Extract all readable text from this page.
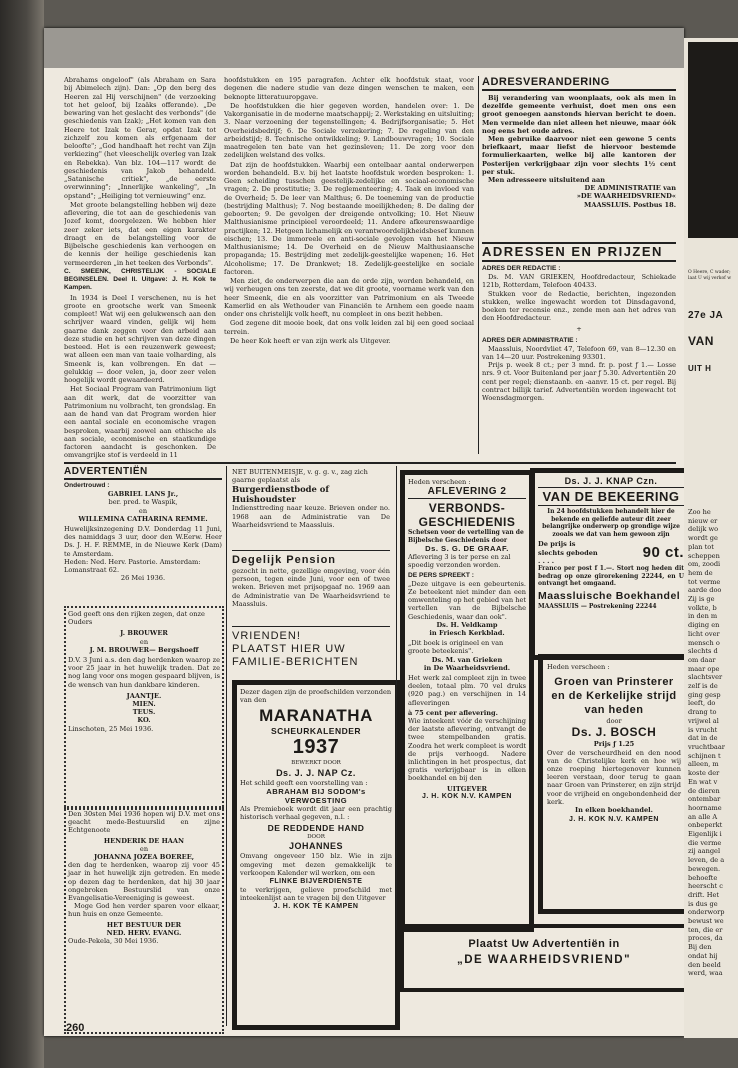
Abrahams ongeloof" (als Abraham en Sara bij Abimelech zijn). Dan: „Op den berg des Heeren zal Hij verschijnen" (de verzoeking tot het geloof, bij Izaäks offerande). „De bewaring van het geslacht des verbonds" (de geschiedenis van Izak); „Het komen van den Heere tot Izak te Gerar, opdat Izak tot zichzelf zou komen als erfgenaam der beloofte"; „God handhaaft het recht van Zijn verkiezing" (het vleeschelijk overleg van Izak en Rebekka). Van blz. 104—117 wordt de geschiedenis van Jakob behandeld. „Satanische critiek", „de eerste overwinning"; „Innerlijke wankeling", „In opstand"; „Heiliging tot vernieuwing" enz.

Met groote belangstelling hebben wij deze aflevering, die tot aan de geschiedenis van Jozef komt, doorgelezen. We hebben hier zeer zeker iets, dat een eigen karakter draagt en de belangstelling voor de Bijbelsche geschiedenis kan verhoogen en de kennis der heilige geschiedenis kan vermeerderen „in het teeken des Verbonds".

C. SMEENK, CHRISTELIJK - SOCIALE BEGINSELEN. Deel II. Uitgave: J. H. Kok te Kampen.

In 1934 is Deel I verschenen, nu is het groote en grootsche werk van Smeenk compleet! Wat wij een gelukwensch aan den schrijver waard vinden, gelijk wij hem gaarne dank zeggen voor den arbeid aan deze studie en het schrijven van deze dingen besteed. Het is een reuzenwerk geweest; wat alleen een man van taaie volharding, als Smeenk is, kan volbrengen. En dat — gelukkig — door velen, ja, door zeer velen hoogelijk wordt gewaardeerd.

Het Sociaal Program van Patrimonium ligt aan dit werk, dat de voorzitter van Patrimonium nu volbracht, ten grondslag. En aan de hand van dat Program worden hier een aantal sociale en economische vragen besproken, waarbij zoowel aan ethische als aan sociale, economische en staatkundige factoren aandacht is geschonken. De omvangrijke stof is verdeeld in 11

hoofdstukken en 195 paragrafen. Achter elk hoofdstuk staat, voor degenen die nadere studie van deze dingen wenschen te maken, een beknopte litteratuuropgave.

De hoofdstukken die hier gegeven worden, handelen over: 1. De Vakorganisatie in de moderne maatschappij; 2. Werkstaking en uitsluiting; 3. Naar verzoening der tegenstellingen; 4. Bedrijfsorganisatie; 5. Het Overheidsbedrijf; 6. De Sociale verzekering; 7. De regeling van den arbeidstijd; 8. Technische ontwikkeling; 9. Landbouwvragen; 10. Sociale maatregelen ten bate van het gezinsleven; 11. De zorg voor den zedelijken welstand des volks.

Dat zijn de hoofdstukken. Waarbij een ontelbaar aantal onderwerpen worden behandeld. B.v. bij het laatste hoofdstuk worden besproken: 1. Geen scheiding tusschen geestelijk-zedelijke en sociaal-economische vragen; 2. De prostitutie; 3. De reglementeering; 4. Taak en invloed van de Overheid; 5. De leer van Malthus; 6. De toeneming van de productie (bestrijding Malthus); 7. Nog bestaande moeilijkheden; 8. De daling der geboorten; 9. De gevolgen der dreigende ontvolking; 10. Het Nieuw Malthusianisme principieel veroordeeld; 11. Andere afkeurenswaardige practijken; 12. Hetgeen lichamelijk en verantwoordelijkheidsbesef kunnen eischen; 13. De immoreele en anti-sociale gevolgen van het Nieuw Malthusianisme; 14. De Overheid en de Nieuw Malthusiaansche propaganda; 15. Bestrijding met zedelijk-geestelijke wapenen; 16. Het Alcoholisme; 17. De Drankwet; 18. Zedelijk-geestelijke en sociale factoren.

Men ziet, de onderwerpen die aan de orde zijn, worden behandeld, en wij verheugen ons ten zeerste, dat we dit groote, voorname werk van den heer Smeenk, die en als voorzitter van Patrimonium en als Tweede Kamerlid en als Wethouder van Financiën te Arnhem een goede naam onder ons christelijk volk heeft, nu compleet in ons bezit hebben.

God zegene dit mooie boek, dat ons volk leiden zal bij een goed sociaal terrein.

De heer Kok heeft er van zijn werk als Uitgever.

ADRESVERANDERING
Bij verandering van woonplaats, ook als men in dezelfde gemeente verhuist, doet men ons een groot genoegen aanstonds hiervan bericht te doen. Men vermelde dan niet alleen het nieuwe, maar óók nog eens het oude adres.
Men gebruike daarvoor niet een gewone 5 cents briefkaart, maar liefst de hiervoor bestemde formulierkaarten, welke bij alle kantoren der Posterijen verkrijgbaar zijn voor slechts 1½ cent per stuk.
Men adresseere uitsluitend aan
DE ADMINISTRATIE van
»DE WAARHEIDSVRIEND«
MAASSLUIS. Postbus 18.
ADRESSEN EN PRIJZEN
ADRES DER REDACTIE :
Ds. M. VAN GRIEKEN, Hoofdredacteur, Schiekade 121b, Rotterdam, Telefoon 40433.
Stukken voor de Redactie, berichten, ingezonden stukken, welke ingewacht worden tot Dinsdagavond, boeken ter recensie enz., zende men aan het adres van den Hoofdredacteur.
+
ADRES DER ADMINISTRATIE :
Maassluis, Noordvliet 47, Telefoon 69, van 8—12.30 en van 14—20 uur. Postrekening 93301.
Prijs p. week 8 ct.; per 3 mnd. fr. p. post ƒ 1.— Losse nrs. 9 ct. Voor Buitenland per jaar ƒ 5.30. Advertentiën 20 cent per regel; dienstaanb. en -aanvr. 15 ct. per regel. Bij contract billijk tarief. Advertentiën worden ingewacht tot Woensdagmorgen.
ADVERTENTIËN
Ondertrouwd :
GABRIEL LANS Jr.,
ber. pred. te Waspik,
en
WILLEMINA CATHARINA REMME.
Huwelijksinzegening D.V. Donderdag 11 Juni, des namiddags 3 uur, door den W.Eerw. Heer Ds. J. H. F. REMME, in de Nieuwe Kerk (Dam) te Amsterdam.
Heden: Ned. Herv. Pastorie. Amsterdam: Lomanstraat 62.
26 Mei 1936.
God geeft ons den rijken zegen, dat onze Ouders
J. BROUWER
en
J. M. BROUWER— Bergshoeff
D.V. 3 Juni a.s. den dag herdenken waarop ze voor 25 jaar in het huwelijk traden. Dat ze nog lang voor ons mogen gespaard blijven, is de wensch van hun dankbare kinderen.
JAANTJE.
MIEN.
TEUS.
KO.
Linschoten, 25 Mei 1936.
Den 30sten Mei 1936 hopen wij D.V. met ons geacht mede-Bestuurslid en zijne Echtgenoote
HENDERIK DE HAAN
en
JOHANNA JOZEA BOEREE,
den dag te herdenken, waarop zij voor 45 jaar in het huwelijk zijn getreden. En mede op dezen dag te herdenken, dat hij 30 jaar ongebroken Bestuurslid van onze Evangelisatie-Vereeniging is geweest.
Moge God hen verder sparen voor elkaar, hun huis en onze Gemeente.
HET BESTUUR DER
NED. HERV. EVANG.
Oude-Pekela, 30 Mei 1936.
260
NET BUITENMEISJE, v. g. g. v., zag zich gaarne geplaatst als
Burgerdienstbode of Huishoudster
Indiensttreding naar keuze. Brieven onder no. 1968 aan de Administratie van De Waarheidsvriend te Maassluis.
Degelijk Pension
gezocht in nette, gezellige omgeving, voor één persoon, tegen einde Juni, voor een of twee weken. Brieven met prijsopgaaf no. 1969 aan de Administratie van De Waarheidsvriend te Maassluis.
VRIENDEN!
PLAATST HIER UW
FAMILIE-BERICHTEN
Dezer dagen zijn de proefschilden verzonden van den
MARANATHA
SCHEURKALENDER
1937
BEWERKT DOOR
Ds. J. J. NAP Cz.
Het schild geeft een voorstelling van :
ABRAHAM BIJ SODOM's VERWOESTING
Als Premieboek wordt dit jaar een prachtig historisch verhaal gegeven, n.l. :
DE REDDENDE HAND
DOOR
JOHANNES
Omvang ongeveer 150 blz. Wie in zijn omgeving met dezen gemakkelijk te verkoopen Kalender wil werken, om een
FLINKE BIJVERDIENSTE
te verkrijgen, gelieve proefschild met inteekenlijst aan te vragen bij den Uitgever
J. H. KOK TE KAMPEN
Heden verscheen :
AFLEVERING 2
VERBONDS-
GESCHIEDENIS
Schetsen voor de vertelling van de Bijbelsche Geschiedenis door
Ds. S. G. DE GRAAF.
Aflevering 3 is ter perse en zal spoedig verzonden worden.
DE PERS SPREEKT :
„Deze uitgave is een gebeurtenis. Ze beteekent niet minder dan een omwenteling op het gebied van het vertellen van de Bijbelsche Geschiedenis, waar dan ook".
Ds. H. Veldkamp
in Friesch Kerkblad.
„Dit boek is origineel en van groote beteekenis".
Ds. M. van Grieken
in De Waarheidsvriend.
Het werk zal compleet zijn in twee deelen, totaal plm. 70 vel druks (920 pag.) en verschijnen in 14 afleveringen
à 75 cent per aflevering.
Wie inteekent vóór de verschijning der laatste aflevering, ontvangt de twee stempelbanden gratis. Zoodra het werk compleet is wordt de prijs verhoogd. Nadere inlichtingen in het prospectus, dat gratis verkrijgbaar is in elken boekhandel en bij den
UITGEVER
J. H. KOK N.V. KAMPEN
Ds. J. J. KNAP Czn.
VAN DE BEKEERING
In 24 hoofdstukken behandelt hier de bekende en geliefde auteur dit zeer belangrijke onderwerp op grondige wijze zooals we dat van hem gewoon zijn
De prijs is slechts geboden . . . .
90 ct.
Franco per post f 1.—. Stort nog heden dit bedrag op onze girorekening 22244, en U ontvangt het omgaand.
Maassluische Boekhandel
MAASSLUIS — Postrekening 22244
Heden verscheen :
Groen van Prinsterer
en de Kerkelijke strijd
van heden
door
Ds. J. BOSCH
Prijs ƒ 1.25
Over de verscheurdheid en den nood van de Christelijke kerk en hoe wij onze roeping hiertegenover kunnen leeren verstaan, door terug te gaan naar Groen van Prinsterer, en zijn strijd voor de vrijheid en ongebondenheid der kerk.
In elken boekhandel.
J. H. KOK N.V. KAMPEN
Plaatst Uw Advertentiën in
„DE WAARHEIDSVRIEND"
O Heere, C wader; laat U wij verkof w
27e JA
VAN
UIT H
Zoo he
nieuw er
delijk wo
wordt ge
plan tot
scheppen
om, zoodi
hem de
tot verme
aarde doo
Zij is ge
volkte, b
in den m
diging en
licht over
mensch o
slechts d
om daar
maar ope
slachtsver
zelf is de
ging gesp
leeft, do
drang to
vrijwel al
is vrucht
dat in de
vruchtbaar
schijnen t
alleen, m
koste der
En wat v
de dieren
ontembar
hoorname
an alle A
onbeperkt
Eigenlijk i
die verme
zij aangel
leven, de a
bewegen.
behoefte
heerscht c
drift. Het
is dus ge
onderworp
bewust we
ten, die er
proces, da
Bij den
ondat hij
den beeld
werd, waa
